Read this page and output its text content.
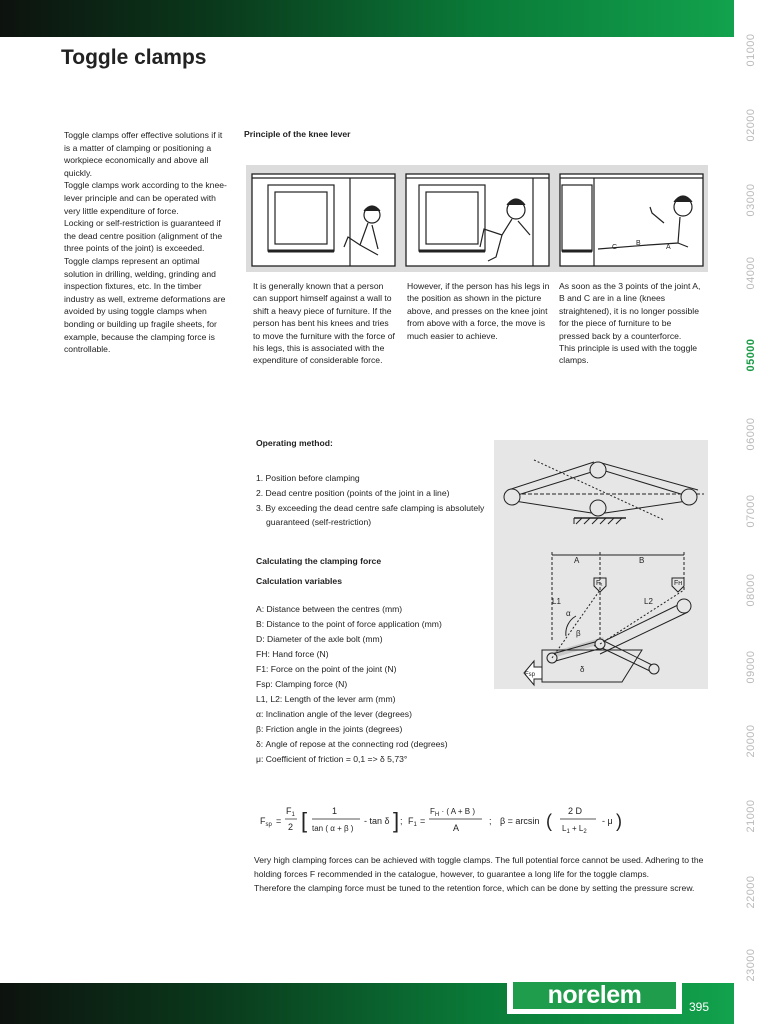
01000
02000
03000
04000
05000
06000
07000
08000
09000
20000
21000
22000
23000
norelem	395
Toggle clamps

Toggle clamps offer effective solutions if it is a matter of clamping or positioning a workpiece economically and above all quickly.

Toggle clamps work according to the knee-lever principle and can be operated with very little expenditure of force.

Locking or self-restriction is guaranteed if the dead centre position (alignment of the three points of the joint) is exceeded.

Toggle clamps represent an optimal solution in drilling, welding, grinding and inspection fixtures, etc. In the timber industry as well, extreme deformations are avoided by using toggle clamps when bonding or building up fragile sheets, for example, because the clamping force is controllable.

Principle of the knee lever
C
B
A

It is generally known that a person can support himself against a wall to shift a heavy piece of furniture. If the person has bent his knees and tries to move the furniture with the force of his legs, this is associated with the expenditure of considerable force.

However, if the person has his legs in the position as shown in the picture above, and presses on the knee joint from above with a force, the move is much easier to achieve.

As soon as the 3 points of the joint A, B and C are in a line (knees straightened), it is no longer possible for the piece of furniture to be pressed back by a counterforce.

This principle is used with the toggle clamps.

Operating method:
1. Position before clamping
2. Dead centre position (points of the joint in a line)
3. By exceeding the dead centre safe clamping is absolutely guaranteed (self-restriction)
Calculating the clamping force
Calculation variables
A: Distance between the centres (mm)
B: Distance to the point of force application (mm)
D: Diameter of the axle bolt (mm)
FH: Hand force (N)
F1: Force on the point of the joint (N)
Fsp: Clamping force (N)
L1, L2: Length of the lever arm (mm)
α: Inclination angle of the lever (degrees)
β: Friction angle in the joints (degrees)
δ: Angle of repose at the connecting rod (degrees)
μ: Coefficient of friction = 0,1 => δ 5,73°
A	B
F₁	Fʜ
Fsp
L1	L2
α
β
δ
$F_{sp}$ =
$F_1$
2 [	1
tan ( α + β )
- tan δ ] ; $F_1$ =
$F_H$ · ( A + B )
A
; β = arcsin ( 2 D
$L_1 + L_2$
- μ )

Very high clamping forces can be achieved with toggle clamps. The full potential force cannot be used. Adhering to the holding forces F recommended in the catalogue, however, to guarantee a long life for the toggle clamps.

Therefore the clamping force must be tuned to the retention force, which can be done by setting the pressure screw.
